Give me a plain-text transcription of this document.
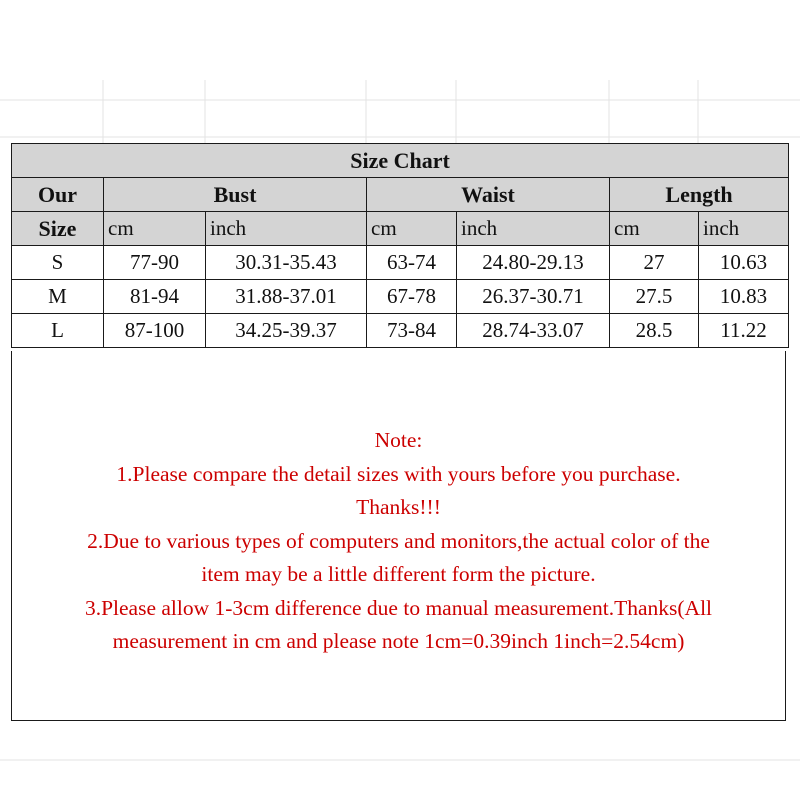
Size Chart						
Our	Bust		Waist		Length	
Size	cm	inch	cm	inch	cm	inch
S	77-90	30.31-35.43	63-74	24.80-29.13	27	10.63
M	81-94	31.88-37.01	67-78	26.37-30.71	27.5	10.83
L	87-100	34.25-39.37	73-84	28.74-33.07	28.5	11.22
Note:
1.Please compare the detail sizes with yours before you purchase.
Thanks!!!
2.Due to various types of computers and monitors,the actual color of the
item may be a little different form the picture.
3.Please allow 1-3cm difference due to manual measurement.Thanks(All
measurement in cm and please note 1cm=0.39inch 1inch=2.54cm)
